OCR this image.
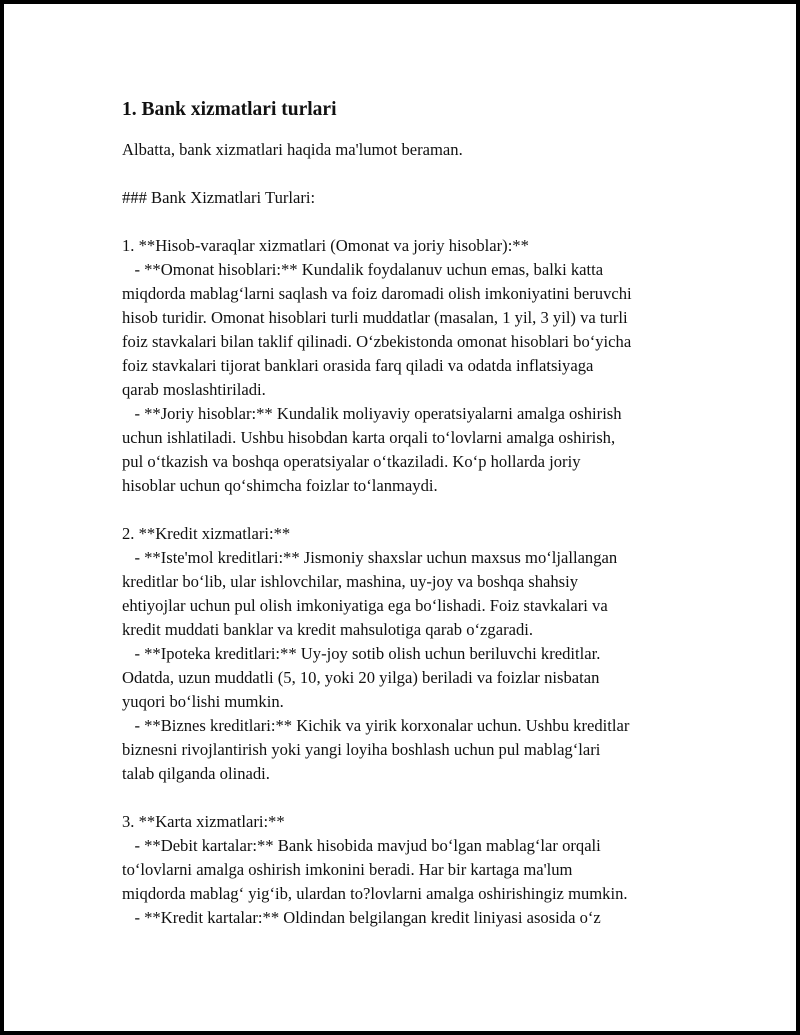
1. Bank xizmatlari turlari
Albatta, bank xizmatlari haqida ma'lumot beraman.
### Bank Xizmatlari Turlari:
1. **Hisob-varaqlar xizmatlari (Omonat va joriy hisoblar):**
- **Omonat hisoblari:** Kundalik foydalanuv uchun emas, balki katta
miqdorda mablag‘larni saqlash va foiz daromadi olish imkoniyatini beruvchi
hisob turidir. Omonat hisoblari turli muddatlar (masalan, 1 yil, 3 yil) va turli
foiz stavkalari bilan taklif qilinadi. O‘zbekistonda omonat hisoblari bo‘yicha
foiz stavkalari tijorat banklari orasida farq qiladi va odatda inflatsiyaga
qarab moslashtiriladi.
- **Joriy hisoblar:** Kundalik moliyaviy operatsiyalarni amalga oshirish
uchun ishlatiladi. Ushbu hisobdan karta orqali to‘lovlarni amalga oshirish,
pul o‘tkazish va boshqa operatsiyalar o‘tkaziladi. Ko‘p hollarda joriy
hisoblar uchun qo‘shimcha foizlar to‘lanmaydi.
2. **Kredit xizmatlari:**
- **Iste'mol kreditlari:** Jismoniy shaxslar uchun maxsus mo‘ljallangan
kreditlar bo‘lib, ular ishlovchilar, mashina, uy-joy va boshqa shahsiy
ehtiyojlar uchun pul olish imkoniyatiga ega bo‘lishadi. Foiz stavkalari va
kredit muddati banklar va kredit mahsulotiga qarab o‘zgaradi.
- **Ipoteka kreditlari:** Uy-joy sotib olish uchun beriluvchi kreditlar.
Odatda, uzun muddatli (5, 10, yoki 20 yilga) beriladi va foizlar nisbatan
yuqori bo‘lishi mumkin.
- **Biznes kreditlari:** Kichik va yirik korxonalar uchun. Ushbu kreditlar
biznesni rivojlantirish yoki yangi loyiha boshlash uchun pul mablag‘lari
talab qilganda olinadi.
3. **Karta xizmatlari:**
- **Debit kartalar:** Bank hisobida mavjud bo‘lgan mablag‘lar orqali
to‘lovlarni amalga oshirish imkonini beradi. Har bir kartaga ma'lum
miqdorda mablag‘ yig‘ib, ulardan to?lovlarni amalga oshirishingiz mumkin.
- **Kredit kartalar:** Oldindan belgilangan kredit liniyasi asosida o‘z
